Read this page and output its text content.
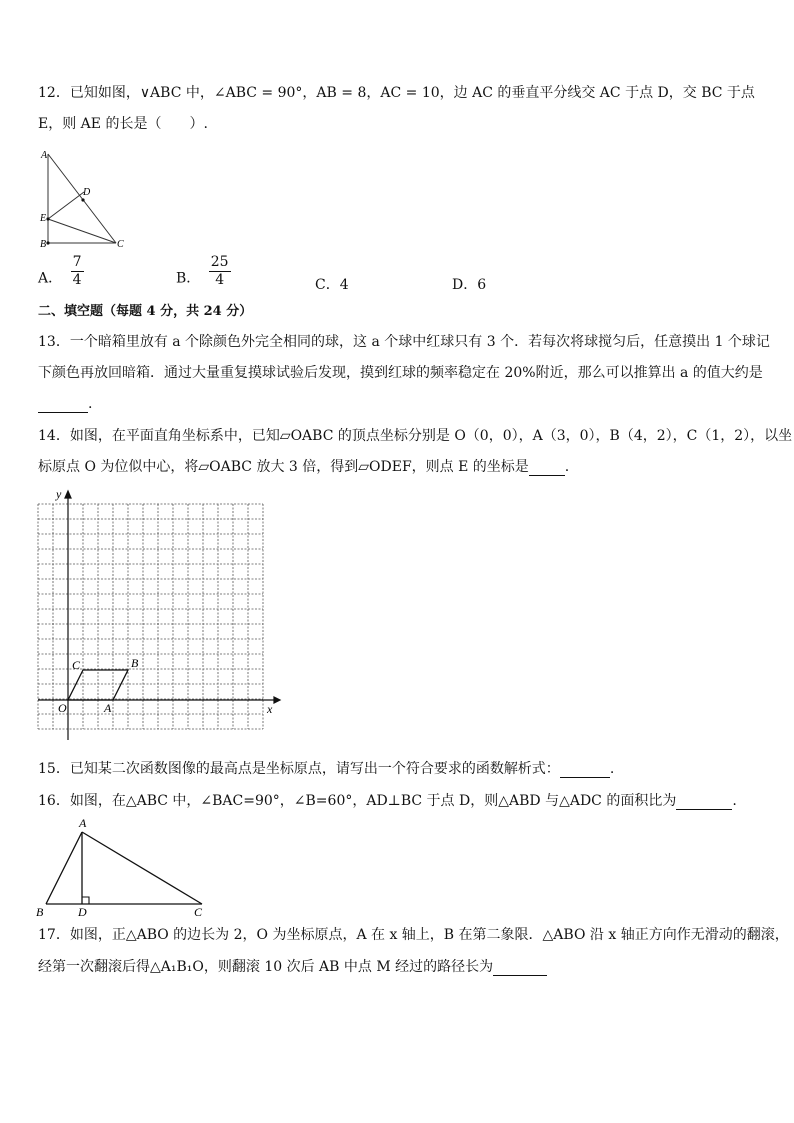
12．已知如图，∨ABC 中，∠ABC = 90°，AB = 8，AC = 10，边 AC 的垂直平分线交 AC 于点 D，交 BC 于点
E，则 AE 的长是（　　）.
A
D
E
B	C
A． $\frac{7}{4}$	B． $\frac{25}{4}$	C．4	D．6
二、填空题（每题 4 分，共 24 分）
13．一个暗箱里放有 a 个除颜色外完全相同的球，这 a 个球中红球只有 3 个．若每次将球搅匀后，任意摸出 1 个球记
下颜色再放回暗箱．通过大量重复摸球试验后发现，摸到红球的频率稳定在 20%附近，那么可以推算出 a 的值大约是
.
14．如图，在平面直角坐标系中，已知▱OABC 的顶点坐标分别是 O（0，0），A（3，0），B（4，2），C（1，2），以坐
标原点 O 为位似中心，将▱OABC 放大 3 倍，得到▱ODEF，则点 E 的坐标是	.
y
x
O	A
B
C
15．已知某二次函数图像的最高点是坐标原点，请写出一个符合要求的函数解析式：	.
16．如图，在△ABC 中，∠BAC=90°，∠B=60°，AD⊥BC 于点 D，则△ABD 与△ADC 的面积比为	.
A
B	D	C
17．如图，正△ABO 的边长为 2，O 为坐标原点，A 在 x 轴上，B 在第二象限．△ABO 沿 x 轴正方向作无滑动的翻滚，
经第一次翻滚后得△A₁B₁O，则翻滚 10 次后 AB 中点 M 经过的路径长为
